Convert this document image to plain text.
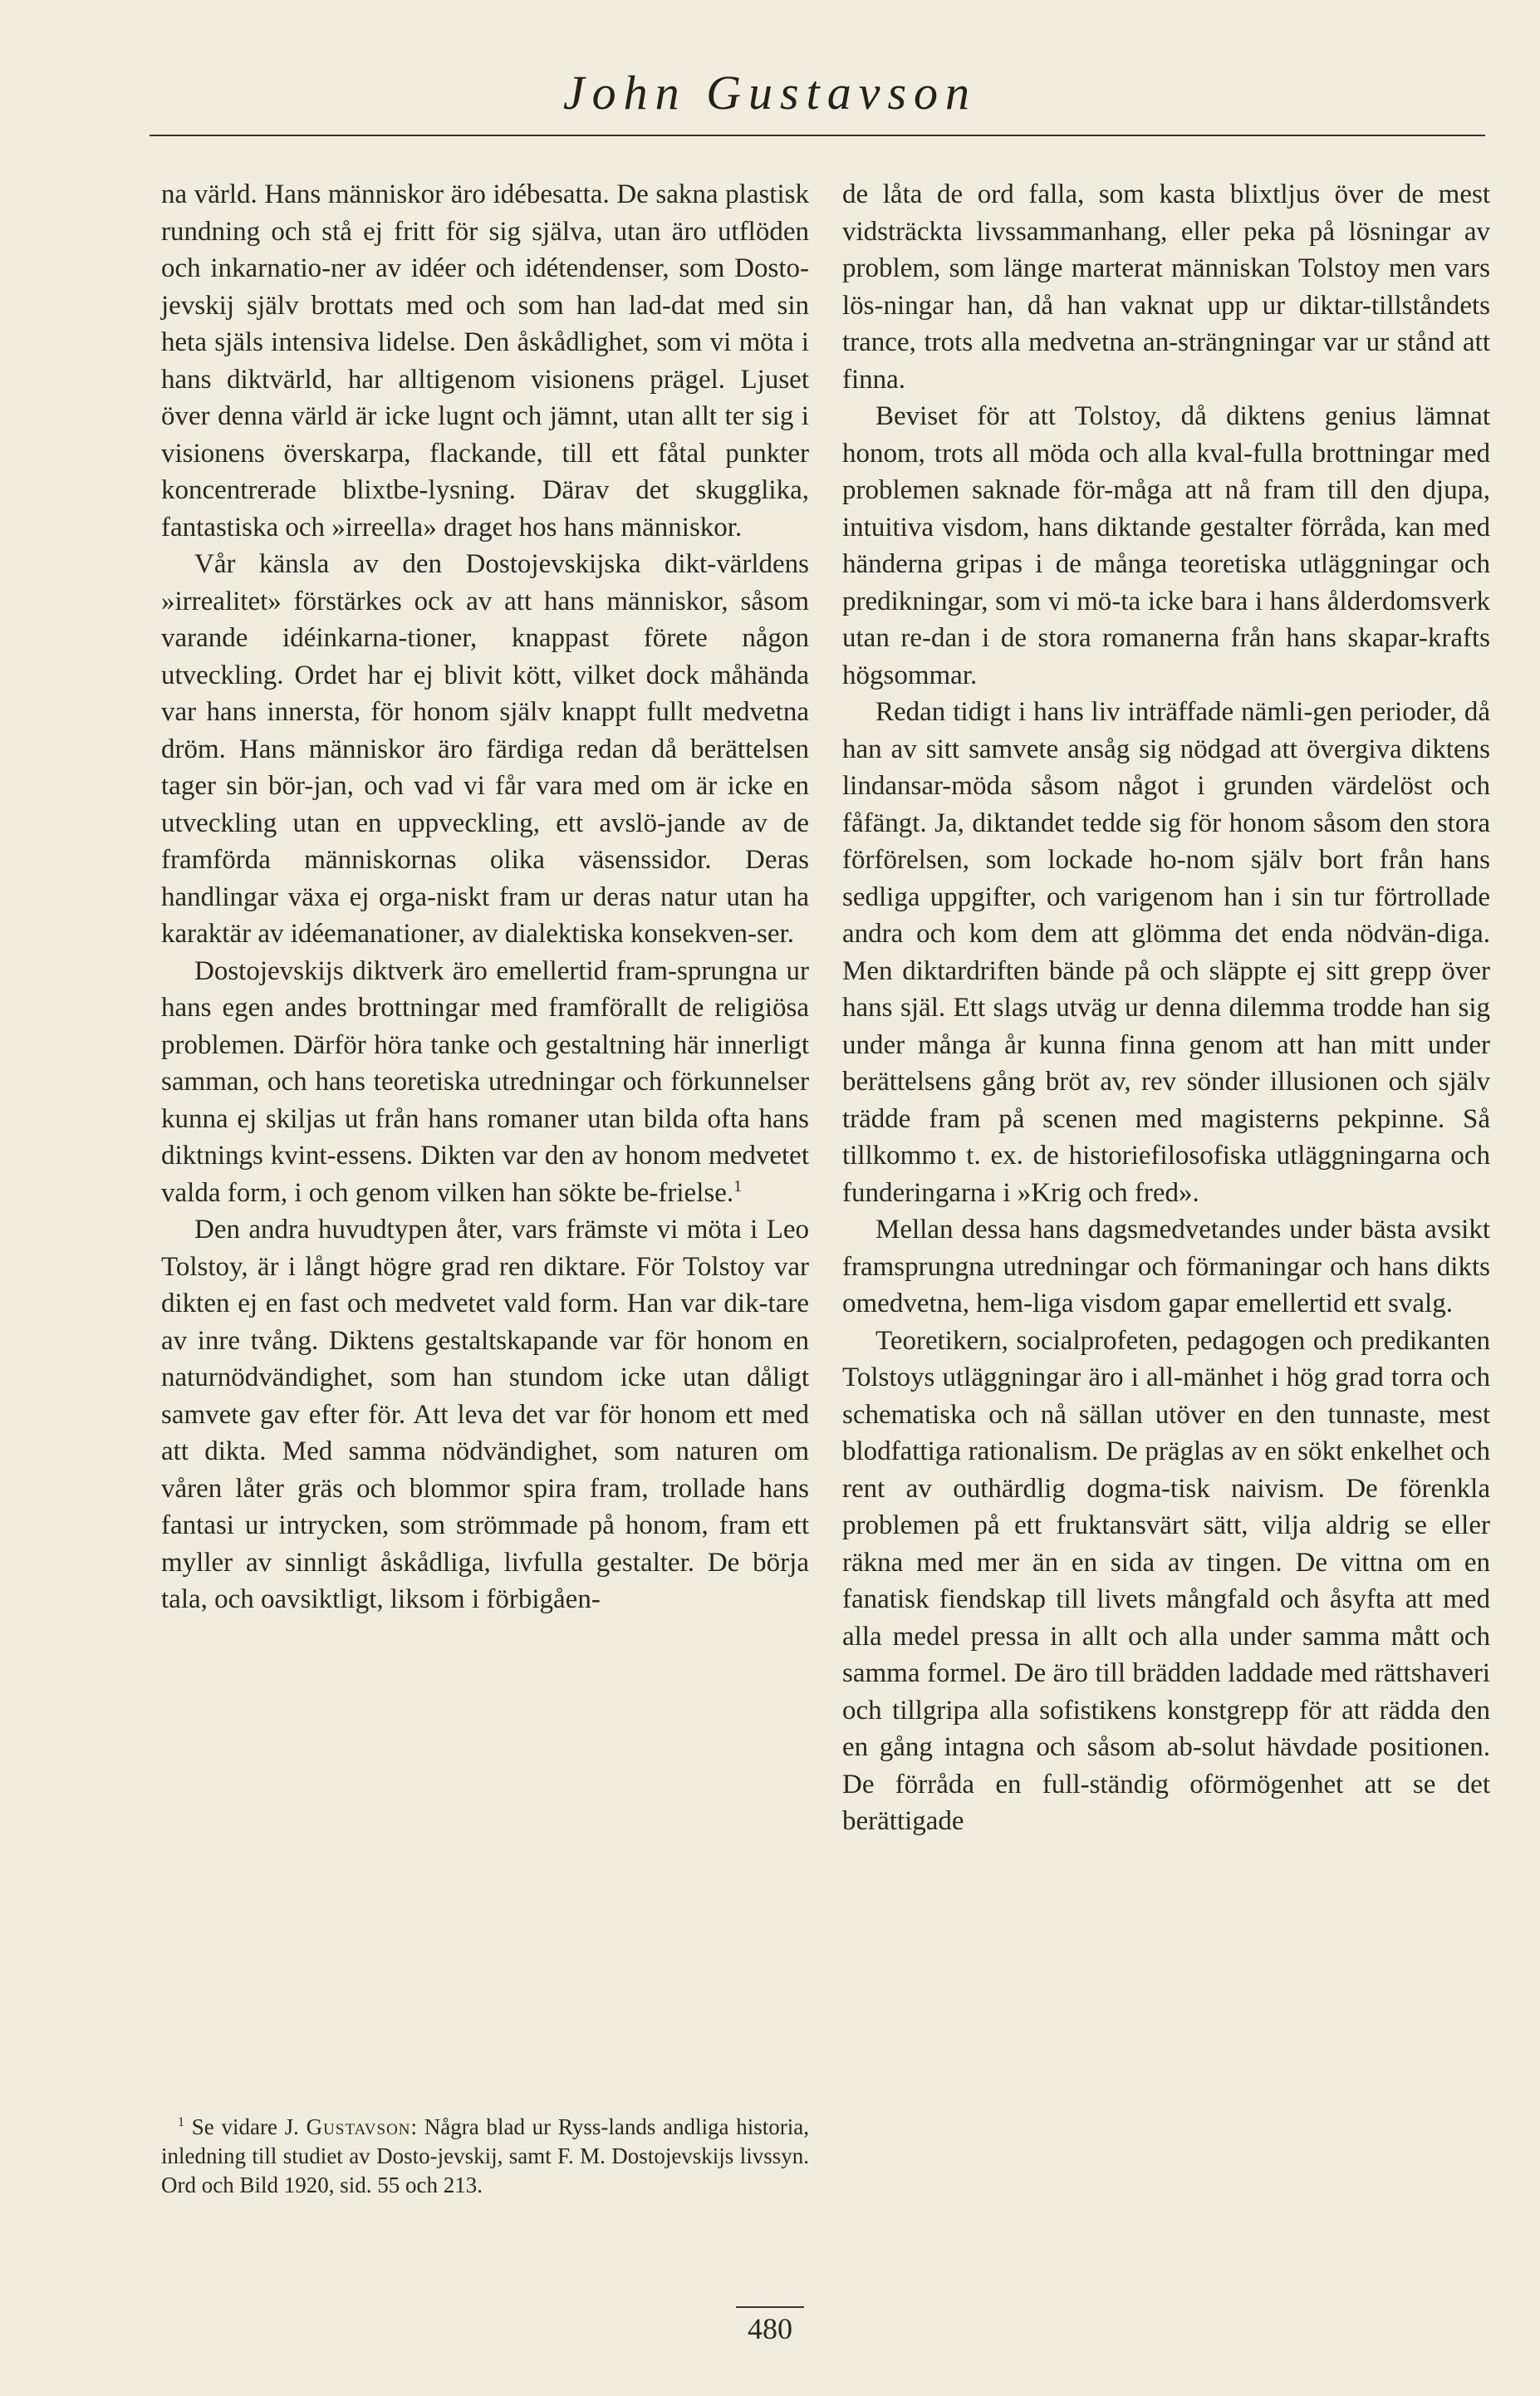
John Gustavson

na värld. Hans människor äro idébesatta. De sakna plastisk rundning och stå ej fritt för sig själva, utan äro utflöden och inkarnatio-ner av idéer och idétendenser, som Dosto-jevskij själv brottats med och som han lad-dat med sin heta själs intensiva lidelse. Den åskådlighet, som vi möta i hans diktvärld, har alltigenom visionens prägel. Ljuset över denna värld är icke lugnt och jämnt, utan allt ter sig i visionens överskarpa, flackande, till ett fåtal punkter koncentrerade blixtbe-lysning. Därav det skugglika, fantastiska och »irreella» draget hos hans människor.

Vår känsla av den Dostojevskijska dikt-världens »irrealitet» förstärkes ock av att hans människor, såsom varande idéinkarna-tioner, knappast förete någon utveckling. Ordet har ej blivit kött, vilket dock måhända var hans innersta, för honom själv knappt fullt medvetna dröm. Hans människor äro färdiga redan då berättelsen tager sin bör-jan, och vad vi får vara med om är icke en utveckling utan en uppveckling, ett avslö-jande av de framförda människornas olika väsenssidor. Deras handlingar växa ej orga-niskt fram ur deras natur utan ha karaktär av idéemanationer, av dialektiska konsekven-ser.

Dostojevskijs diktverk äro emellertid fram-sprungna ur hans egen andes brottningar med framförallt de religiösa problemen. Därför höra tanke och gestaltning här innerligt samman, och hans teoretiska utredningar och förkunnelser kunna ej skiljas ut från hans romaner utan bilda ofta hans diktnings kvint-essens. Dikten var den av honom medvetet valda form, i och genom vilken han sökte be-frielse.$^1$

Den andra huvudtypen åter, vars främste vi möta i Leo Tolstoy, är i långt högre grad ren diktare. För Tolstoy var dikten ej en fast och medvetet vald form. Han var dik-tare av inre tvång. Diktens gestaltskapande var för honom en naturnödvändighet, som han stundom icke utan dåligt samvete gav efter för. Att leva det var för honom ett med att dikta. Med samma nödvändighet, som naturen om våren låter gräs och blommor spira fram, trollade hans fantasi ur intrycken, som strömmade på honom, fram ett myller av sinnligt åskådliga, livfulla gestalter. De börja tala, och oavsiktligt, liksom i förbigåen-

$^1$ Se vidare J. Gustavson: Några blad ur Ryss-lands andliga historia, inledning till studiet av Dosto-jevskij, samt F. M. Dostojevskijs livssyn. Ord och Bild 1920, sid. 55 och 213.

de låta de ord falla, som kasta blixtljus över de mest vidsträckta livssammanhang, eller peka på lösningar av problem, som länge marterat människan Tolstoy men vars lös-ningar han, då han vaknat upp ur diktar-tillståndets trance, trots alla medvetna an-strängningar var ur stånd att finna.

Beviset för att Tolstoy, då diktens genius lämnat honom, trots all möda och alla kval-fulla brottningar med problemen saknade för-måga att nå fram till den djupa, intuitiva visdom, hans diktande gestalter förråda, kan med händerna gripas i de många teoretiska utläggningar och predikningar, som vi mö-ta icke bara i hans ålderdomsverk utan re-dan i de stora romanerna från hans skapar-krafts högsommar.

Redan tidigt i hans liv inträffade nämli-gen perioder, då han av sitt samvete ansåg sig nödgad att övergiva diktens lindansar-möda såsom något i grunden värdelöst och fåfängt. Ja, diktandet tedde sig för honom såsom den stora förförelsen, som lockade ho-nom själv bort från hans sedliga uppgifter, och varigenom han i sin tur förtrollade andra och kom dem att glömma det enda nödvän-diga. Men diktardriften bände på och släppte ej sitt grepp över hans själ. Ett slags utväg ur denna dilemma trodde han sig under många år kunna finna genom att han mitt under berättelsens gång bröt av, rev sönder illusionen och själv trädde fram på scenen med magisterns pekpinne. Så tillkommo t. ex. de historiefilosofiska utläggningarna och funderingarna i »Krig och fred».

Mellan dessa hans dagsmedvetandes under bästa avsikt framsprungna utredningar och förmaningar och hans dikts omedvetna, hem-liga visdom gapar emellertid ett svalg.

Teoretikern, socialprofeten, pedagogen och predikanten Tolstoys utläggningar äro i all-mänhet i hög grad torra och schematiska och nå sällan utöver en den tunnaste, mest blodfattiga rationalism. De präglas av en sökt enkelhet och rent av outhärdlig dogma-tisk naivism. De förenkla problemen på ett fruktansvärt sätt, vilja aldrig se eller räkna med mer än en sida av tingen. De vittna om en fanatisk fiendskap till livets mångfald och åsyfta att med alla medel pressa in allt och alla under samma mått och samma formel. De äro till brädden laddade med rättshaveri och tillgripa alla sofistikens konstgrepp för att rädda den en gång intagna och såsom ab-solut hävdade positionen. De förråda en full-ständig oförmögenhet att se det berättigade

480
